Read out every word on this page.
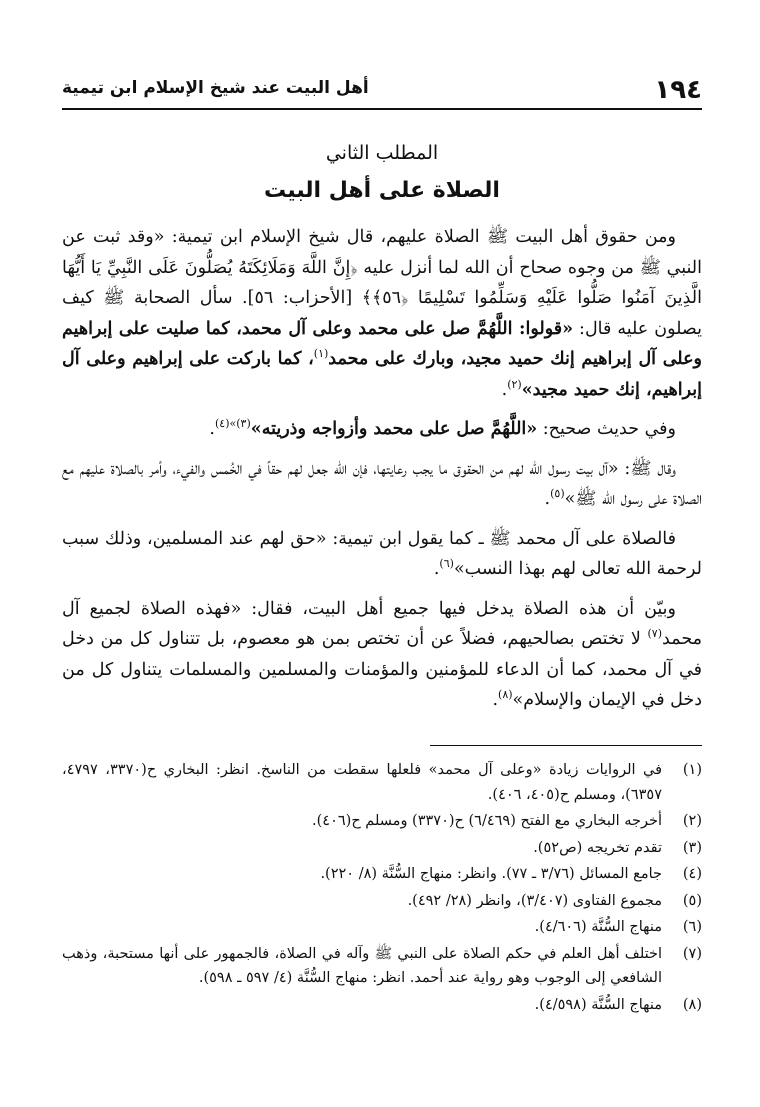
١٩٤
أهل البيت عند شيخ الإسلام ابن تيمية
المطلب الثاني
الصلاة على أهل البيت

ومن حقوق أهل البيت ﷺ الصلاة عليهم، قال شيخ الإسلام ابن تيمية: «وقد ثبت عن النبي ﷺ من وجوه صحاح أن الله لما أنزل عليه ﴿إِنَّ اللَّهَ وَمَلَائِكَتَهُ يُصَلُّونَ عَلَى النَّبِيِّ يَا أَيُّهَا الَّذِينَ آمَنُوا صَلُّوا عَلَيْهِ وَسَلِّمُوا تَسْلِيمًا ﴿٥٦﴾﴾ [الأحزاب: ٥٦]. سأل الصحابة ﷺ كيف يصلون عليه قال: «قولوا: اللَّهُمَّ صل على محمد وعلى آل محمد، كما صليت على إبراهيم وعلى آل إبراهيم إنك حميد مجيد، وبارك على محمد$^{(١)}$، كما باركت على إبراهيم وعلى آل إبراهيم، إنك حميد مجيد»$^{(٢)}$.

وفي حديث صحيح: «اللَّهُمَّ صل على محمد وأزواجه وذريته»$^{(٣)»(٤)}$.

وقال ﷺ: «آل بيت رسول الله لهم من الحقوق ما يجب رعايتها، فإن الله جعل لهم حقاً في الخُمس والفيء، وأمر بالصلاة عليهم مع الصلاة على رسول الله ﷺ»$^{(٥)}$.

فالصلاة على آل محمد ﷺ ـ كما يقول ابن تيمية: «حق لهم عند المسلمين، وذلك سبب لرحمة الله تعالى لهم بهذا النسب»$^{(٦)}$.

وبيّن أن هذه الصلاة يدخل فيها جميع أهل البيت، فقال: «فهذه الصلاة لجميع آل محمد$^{(٧)}$ لا تختص بصالحيهم، فضلاً عن أن تختص بمن هو معصوم، بل تتناول كل من دخل في آل محمد، كما أن الدعاء للمؤمنين والمؤمنات والمسلمين والمسلمات يتناول كل من دخل في الإيمان والإسلام»$^{(٨)}$.

(١)
في الروايات زيادة «وعلى آل محمد» فلعلها سقطت من الناسخ. انظر: البخاري ح(٣٣٧٠، ٤٧٩٧، ٦٣٥٧)، ومسلم ح(٤٠٥، ٤٠٦).
(٢)
أخرجه البخاري مع الفتح (٦/٤٦٩) ح(٣٣٧٠) ومسلم ح(٤٠٦).
(٣)
تقدم تخريجه (ص٥٢).
(٤)
جامع المسائل (٣/٧٦ ـ ٧٧). وانظر: منهاج السُّنَّة (٨/ ٢٢٠).
(٥)
مجموع الفتاوى (٣/٤٠٧)، وانظر (٢٨/ ٤٩٢).
(٦)
منهاج السُّنَّة (٤/٦٠٦).
(٧)
اختلف أهل العلم في حكم الصلاة على النبي ﷺ وآله في الصلاة، فالجمهور على أنها مستحبة، وذهب الشافعي إلى الوجوب وهو رواية عند أحمد. انظر: منهاج السُّنَّة (٤/ ٥٩٧ ـ ٥٩٨).
(٨)
منهاج السُّنَّة (٤/٥٩٨).
